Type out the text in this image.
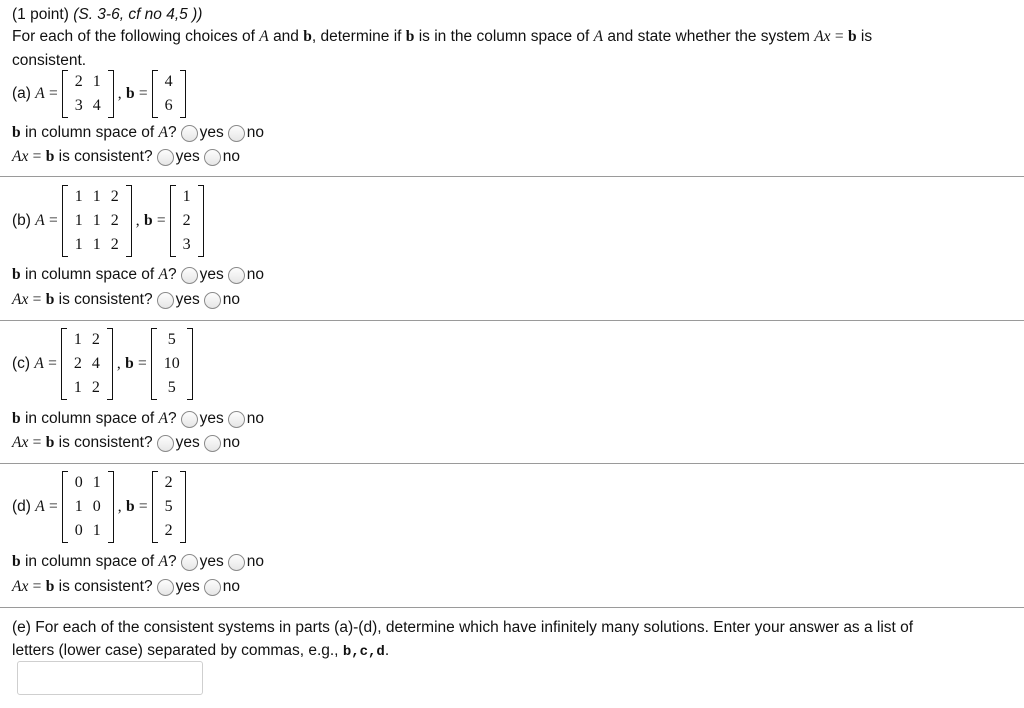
(1 point) (S. 3-6, cf no 4,5 ))
For each of the following choices of A and b, determine if b is in the column space of A and state whether the system Ax = b is
consistent.
(a)
A
=
2	1
3	4
,
b
=
4
6
b
in column space of
A ? yes no
Ax
=
b
is consistent? yes no
(b)
A
=
1	1	2
1	1	2
1	1	2
,
b
=
1
2
3
b
in column space of
A ? yes no
Ax
=
b
is consistent? yes no
(c)
A
=
1	2
2	4
1	2
,
b
=
5
10
5
b
in column space of
A ? yes no
Ax
=
b
is consistent? yes no
(d)
A
=
0	1
1	0
0	1
,
b
=
2
5
2
b
in column space of
A ? yes no
Ax
=
b
is consistent? yes no
(e) For each of the consistent systems in parts (a)-(d), determine which have infinitely many solutions. Enter your answer as a list of
letters (lower case) separated by commas, e.g., b,c,d.
